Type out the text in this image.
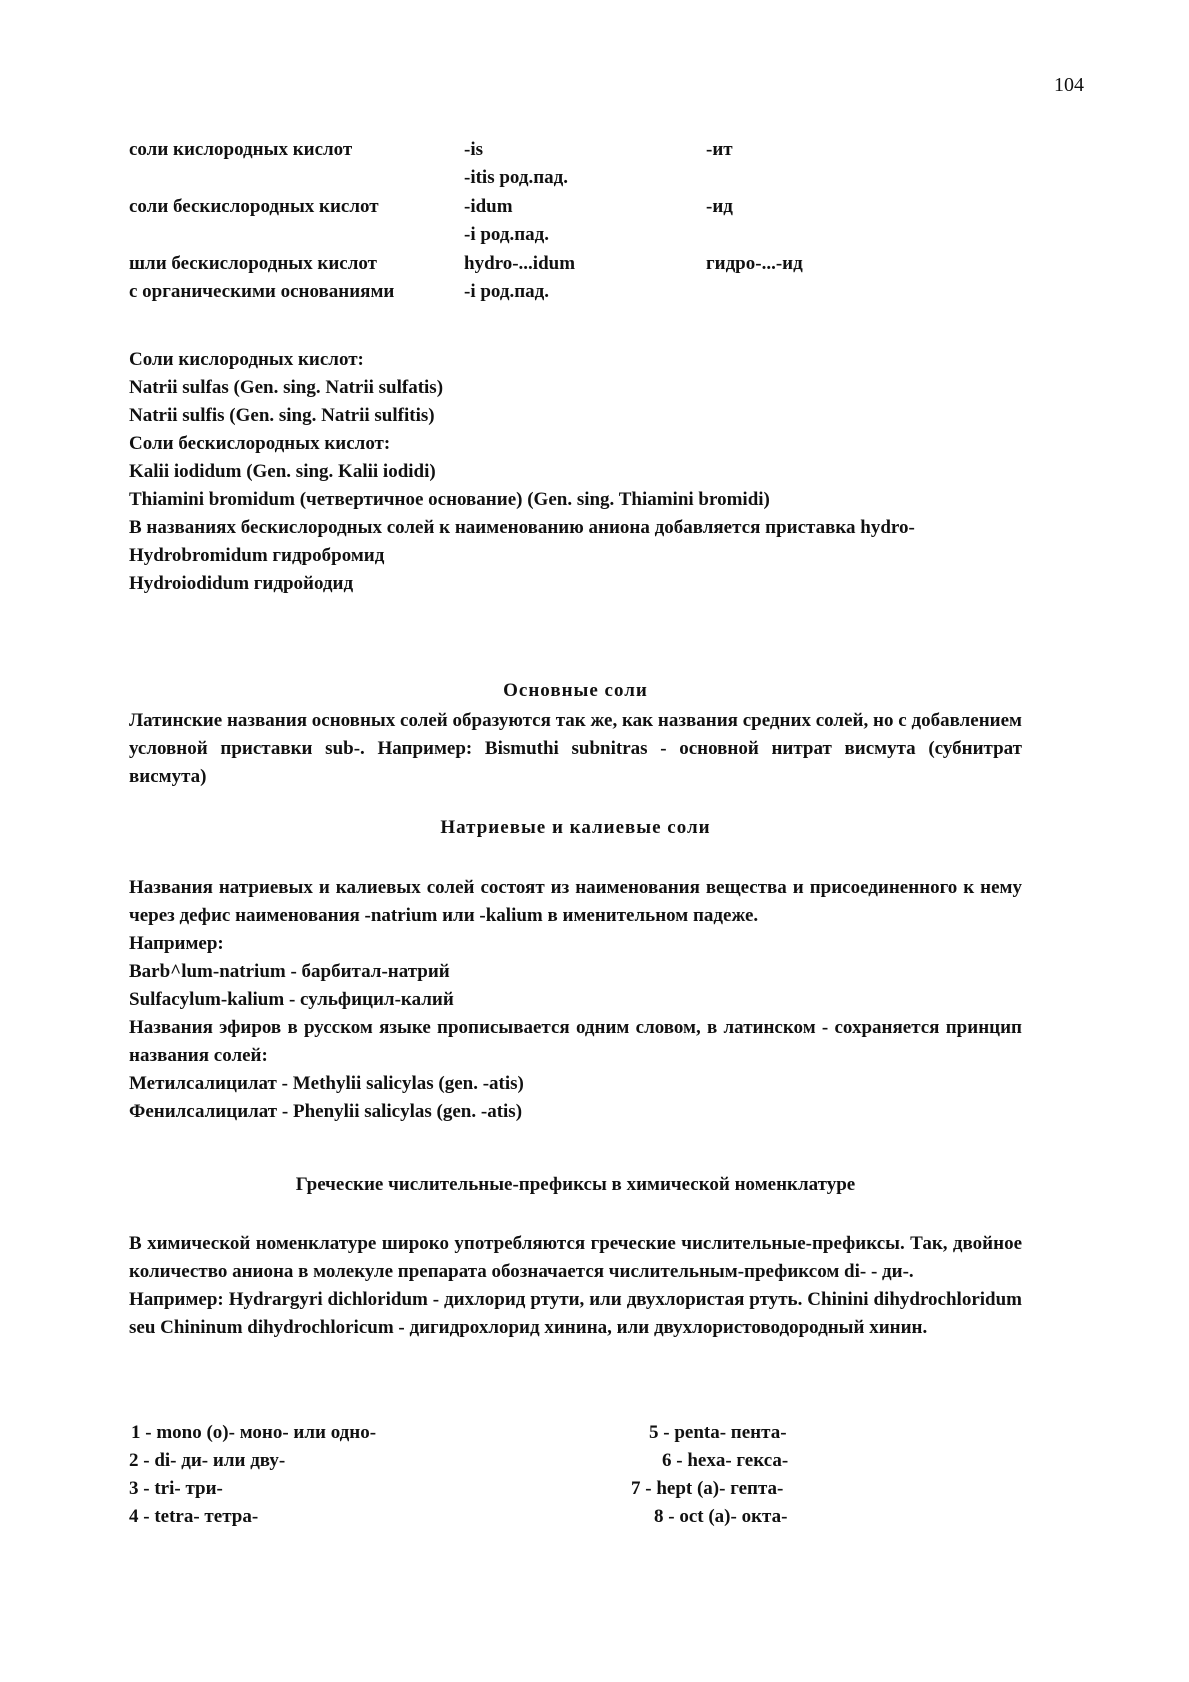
104
соли кислородных кислот	-is	-ит
-itis род.пад.
соли бескислородных кислот	-idum	-ид
-i род.пад.
шли бескислородных кислот	hydro-...idum	гидро-...-ид
с органическими основаниями	-i род.пад.
Соли кислородных кислот:
Natrii sulfas (Gen. sing. Natrii sulfatis)
Natrii sulfis (Gen. sing. Natrii sulfitis)
Соли бескислородных кислот:
Kalii iodidum (Gen. sing. Kalii iodidi)
Thiamini bromidum (четвертичное основание) (Gen. sing. Thiamini bromidi)
В названиях бескислородных солей к наименованию аниона добавляется приставка hydro-
Hydrobromidum гидробромид
Hydroiodidum гидройодид
Основные соли
Латинские названия основных солей образуются так же, как названия средних солей, но с добавлением условной приставки sub-. Например: Bismuthi subnitras - основной нитрат висмута (субнитрат висмута)
Натриевые и калиевые соли
Названия натриевых и калиевых солей состоят из наименования вещества и присоединенного к нему через дефис наименования -natrium или -kalium в именительном падеже.
Например:
Barb^lum-natrium - барбитал-натрий
Sulfacylum-kalium - сульфицил-калий
Названия эфиров в русском языке прописывается одним словом, в латинском - сохраняется принцип названия солей:
Метилсалицилат - Methylii salicylas (gen. -atis)
Фенилсалицилат - Phenylii salicylas (gen. -atis)
Греческие числительные-префиксы в химической номенклатуре
В химической номенклатуре широко употребляются греческие числительные-префиксы. Так, двойное количество аниона в молекуле препарата обозначается числительным-префиксом di- - ди-.
Например: Hydrargyri dichloridum - дихлорид ртути, или двухлористая ртуть. Chinini dihydrochloridum seu Chininum dihydrochloricum - дигидрохлорид хинина, или двухлористоводородный хинин.
1 - mono (o)- моно- или одно-	5 - penta- пента-
2 - di- ди- или дву-	6 - hexa- гекса-
3 - tri- три-	7 - hept (a)- гепта-
4 - tetra- тетра-	8 - oct (a)- окта-
